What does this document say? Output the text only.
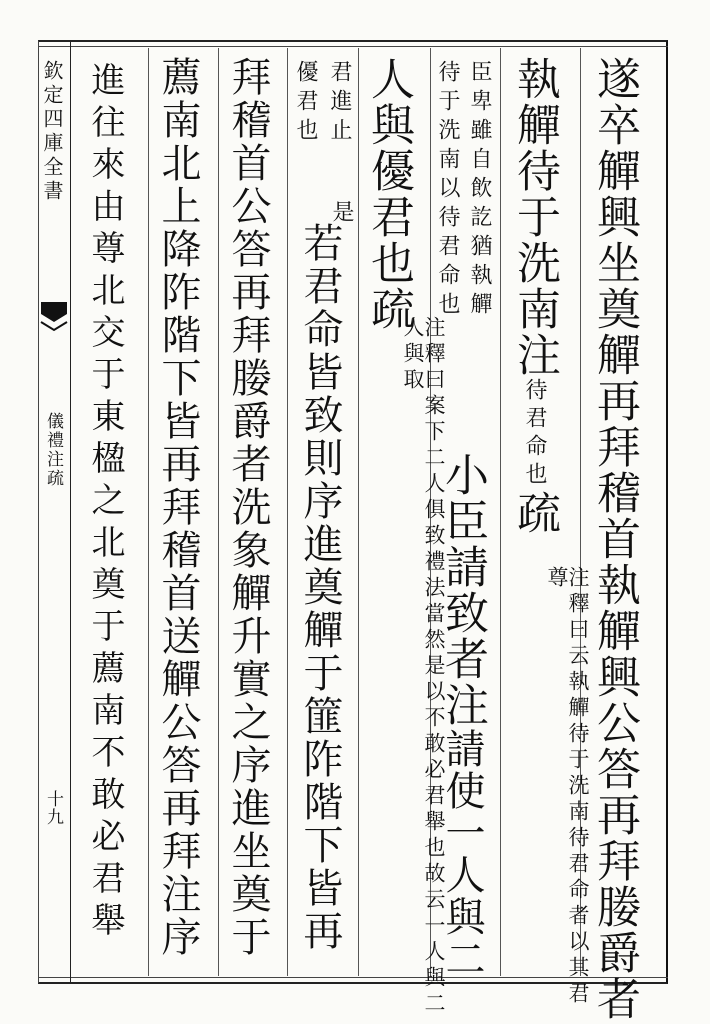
欽定四庫全書
儀禮注疏
十九	遂卒觶興坐奠觶再拜稽首執觶興公答再拜媵爵者
執觶待于洗南注待君命也疏
注釋曰云執觶待于洗南待君命者以其君尊
臣卑雖自飲訖猶執觶
待于洗南以待君命也
小臣請致者注請使一人與二
人與優君也疏
注釋曰案下二人俱致禮法當然是以不敢必君舉也故云一人與二人與取
君進止
優君也
是
若君命皆致則序進奠觶于篚阼階下皆再
拜稽首公答再拜媵爵者洗象觶升實之序進坐奠于
薦南北上降阼階下皆再拜稽首送觶公答再拜注序
進往來由尊北交于東楹之北奠于薦南不敢必君舉
